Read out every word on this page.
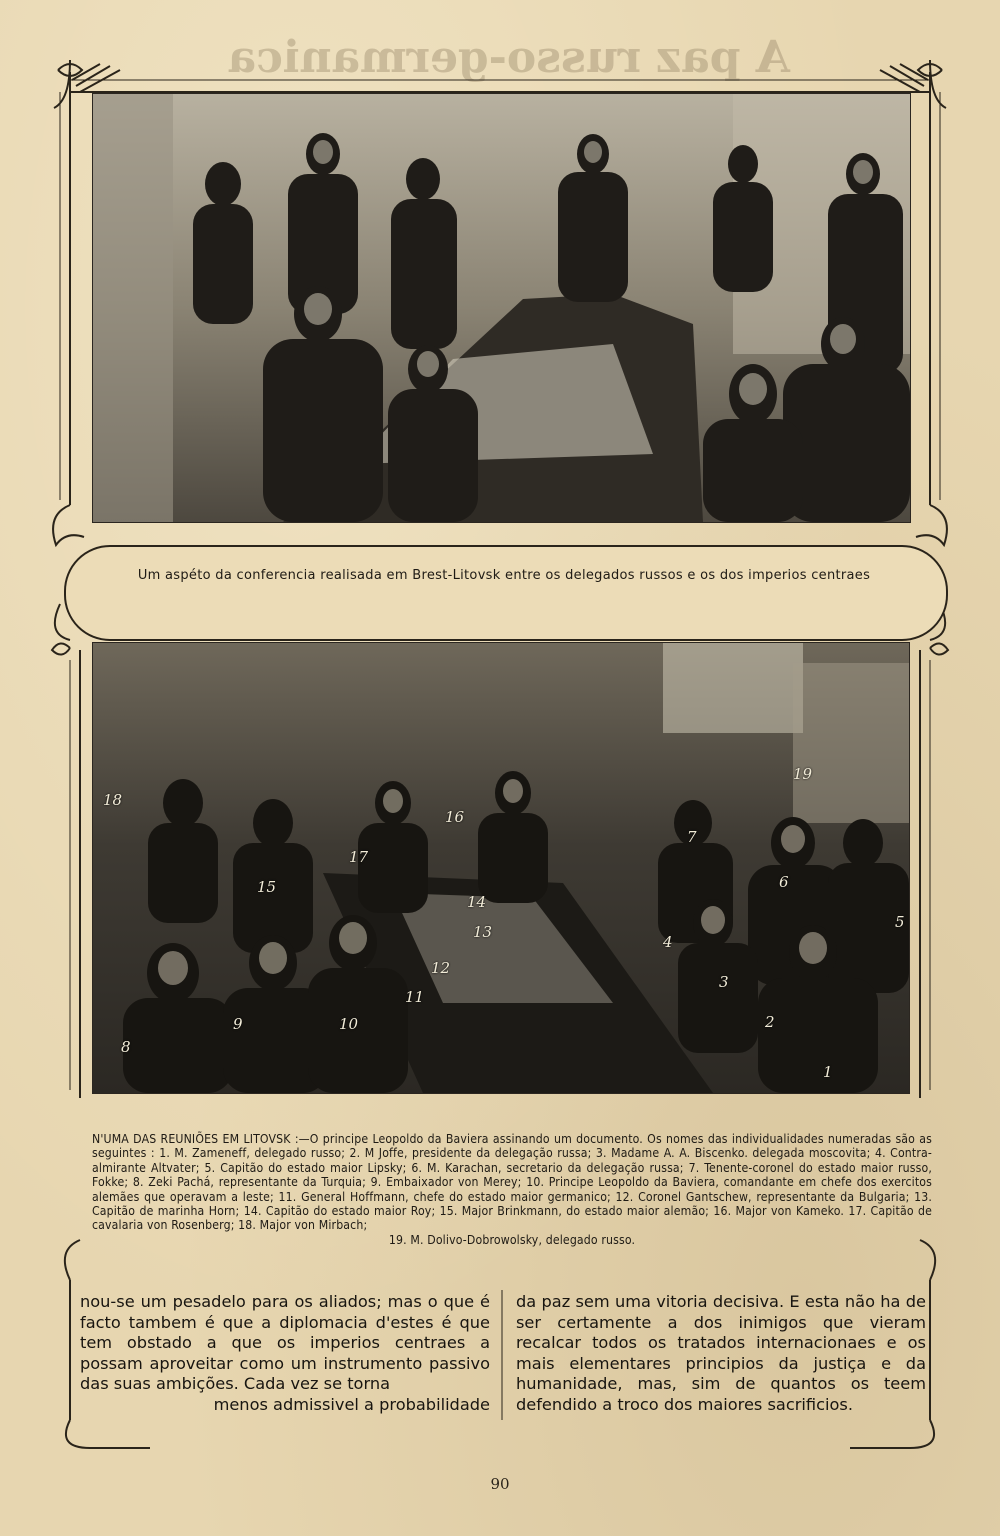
A paz russo-germanica
Um aspéto da conferencia realisada em Brest-Litovsk entre os delegados russos e os dos imperios centraes
1
2
3
4
5
6
7
8
9	10
11
12
13
14
15
16
17
18
19
N'UMA DAS REUNIÕES EM LITOVSK :—O principe Leopoldo da Baviera assinando um documento. Os nomes das individualidades numeradas são as seguintes : 1. M. Zameneff, delegado russo; 2. M Joffe, presidente da delegação russa; 3. Madame A. A. Biscenko. delegada moscovita; 4. Contra-almirante Altvater; 5. Capitão do estado maior Lipsky; 6. M. Karachan, secretario da delegação russa; 7. Tenente-coronel do estado maior russo, Fokke; 8. Zeki Pachá, representante da Turquia; 9. Embaixador von Merey; 10. Principe Leopoldo da Baviera, comandante em chefe dos exercitos alemães que operavam a leste; 11. General Hoffmann, chefe do estado maior germanico; 12. Coronel Gantschew, representante da Bulgaria; 13. Capitão de marinha Horn; 14. Capitão do estado maior Roy; 15. Major Brinkmann, do estado maior alemão; 16. Major von Kameko. 17. Capitão de cavalaria von Rosenberg; 18. Major von Mirbach;
19. M. Dolivo-Dobrowolsky, delegado russo.
nou-se um pesadelo para os aliados; mas o que é facto tambem é que a diplomacia d'estes é que tem obstado a que os imperios centraes a possam aproveitar como um instrumento passivo das suas ambições. Cada vez se torna
menos admissivel a probabilidade
da paz sem uma vitoria decisiva. E esta não ha de ser certamente a dos inimigos que vieram recalcar todos os tratados internacionaes e os mais elementares principios da justiça e da humanidade, mas, sim de quantos os teem defendido a troco dos maiores sacrificios.
90
